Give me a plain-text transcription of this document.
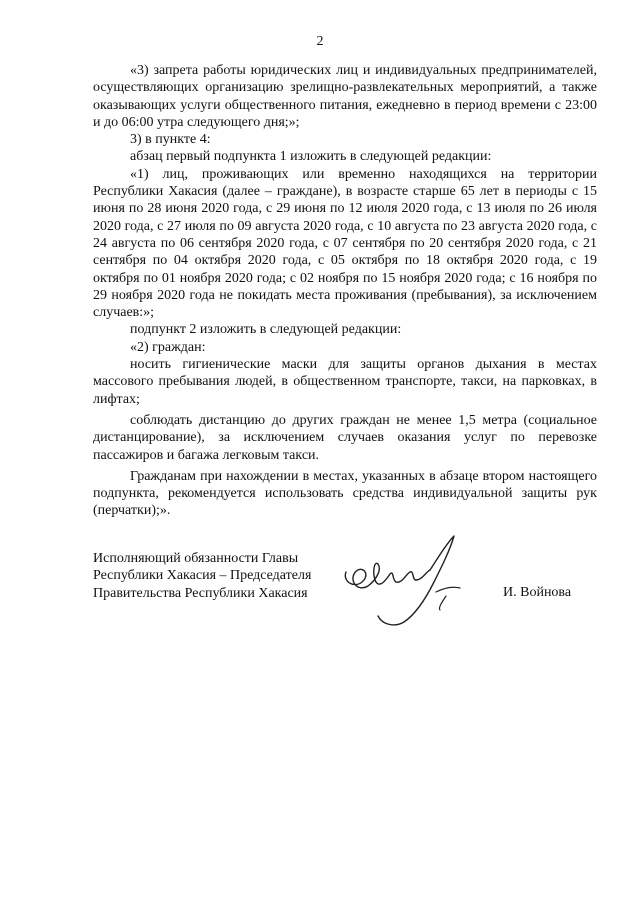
2

«3) запрета работы юридических лиц и индивидуальных предпринимателей, осуществляющих организацию зрелищно-развлекательных мероприятий, а также оказывающих услуги общественного питания, ежедневно в период времени с 23:00 и до 06:00 утра следующего дня;»;

3) в пункте 4:

абзац первый подпункта 1 изложить в следующей редакции:

«1) лиц, проживающих или временно находящихся на территории Республики Хакасия (далее – граждане), в возрасте старше 65 лет в периоды с 15 июня по 28 июня 2020 года, с 29 июня по 12 июля 2020 года, с 13 июля по 26 июля 2020 года, с 27 июля по 09 августа 2020 года, с 10 августа по 23 августа 2020 года, с 24 августа по 06 сентября 2020 года, с 07 сентября по 20 сентября 2020 года, с 21 сентября по 04 октября 2020 года, с 05 октября по 18 октября 2020 года, с 19 октября по 01 ноября 2020 года; с 02 ноября по 15 ноября 2020 года; с 16 ноября по 29 ноября 2020 года не покидать места проживания (пребывания), за исключением случаев:»;

подпункт 2 изложить в следующей редакции:

«2) граждан:

носить гигиенические маски для защиты органов дыхания в местах массового пребывания людей, в общественном транспорте, такси, на парковках, в лифтах;

соблюдать дистанцию до других граждан не менее 1,5 метра (социальное дистанцирование), за исключением случаев оказания услуг по перевозке пассажиров и багажа легковым такси.

Гражданам при нахождении в местах, указанных в абзаце втором настоящего подпункта, рекомендуется использовать средства индивидуальной защиты рук (перчатки);».

Исполняющий обязанности Главы
Республики Хакасия – Председателя
Правительства Республики Хакасия	И. Войнова
